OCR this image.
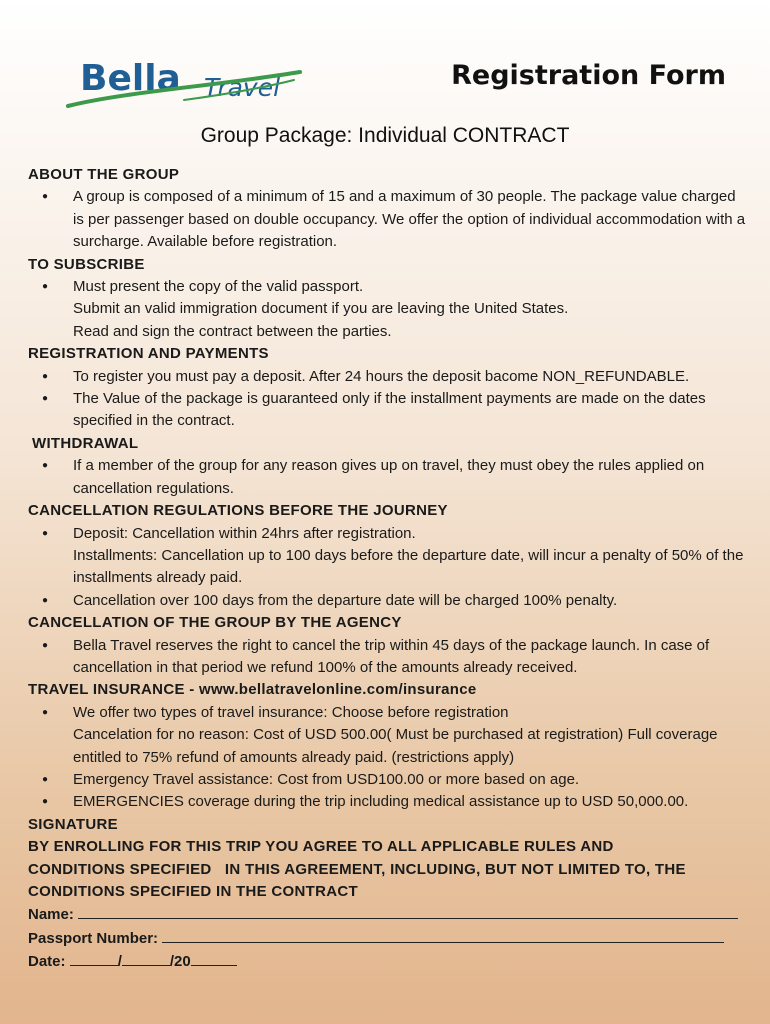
Bella Travel	Registration Form
Group Package: Individual CONTRACT
ABOUT THE GROUP
● A group is composed of a minimum of 15 and a maximum of 30 people. The package value charged is per passenger based on double occupancy. We offer the option of individual accommodation with a surcharge. Available before registration.
TO SUBSCRIBE
● Must present the copy of the valid passport.
Submit an valid immigration document if you are leaving the United States.
Read and sign the contract between the parties.
REGISTRATION AND PAYMENTS
● To register you must pay a deposit. After 24 hours the deposit bacome NON_REFUNDABLE.
● The Value of the package is guaranteed only if the installment payments are made on the dates specified in the contract.
WITHDRAWAL
● If a member of the group for any reason gives up on travel, they must obey the rules applied on cancellation regulations.
CANCELLATION REGULATIONS BEFORE THE JOURNEY
● Deposit: Cancellation within 24hrs after registration.
Installments: Cancellation up to 100 days before the departure date, will incur a penalty of 50% of the installments already paid.
● Cancellation over 100 days from the departure date will be charged 100% penalty.
CANCELLATION OF THE GROUP BY THE AGENCY
● Bella Travel reserves the right to cancel the trip within 45 days of the package launch. In case of cancellation in that period we refund 100% of the amounts already received.
TRAVEL INSURANCE - www.bellatravelonline.com/insurance
● We offer two types of travel insurance: Choose before registration
Cancelation for no reason: Cost of USD 500.00( Must be purchased at registration) Full coverage entitled to 75% refund of amounts already paid. (restrictions apply)
● Emergency Travel assistance: Cost from USD100.00 or more based on age.
● EMERGENCIES coverage during the trip including medical assistance up to USD 50,000.00.
SIGNATURE
BY ENROLLING FOR THIS TRIP YOU AGREE TO ALL APPLICABLE RULES AND
CONDITIONS SPECIFIED   IN THIS AGREEMENT, INCLUDING, BUT NOT LIMITED TO, THE
CONDITIONS SPECIFIED IN THE CONTRACT
Name:
Passport Number:
Date:	/	/20
